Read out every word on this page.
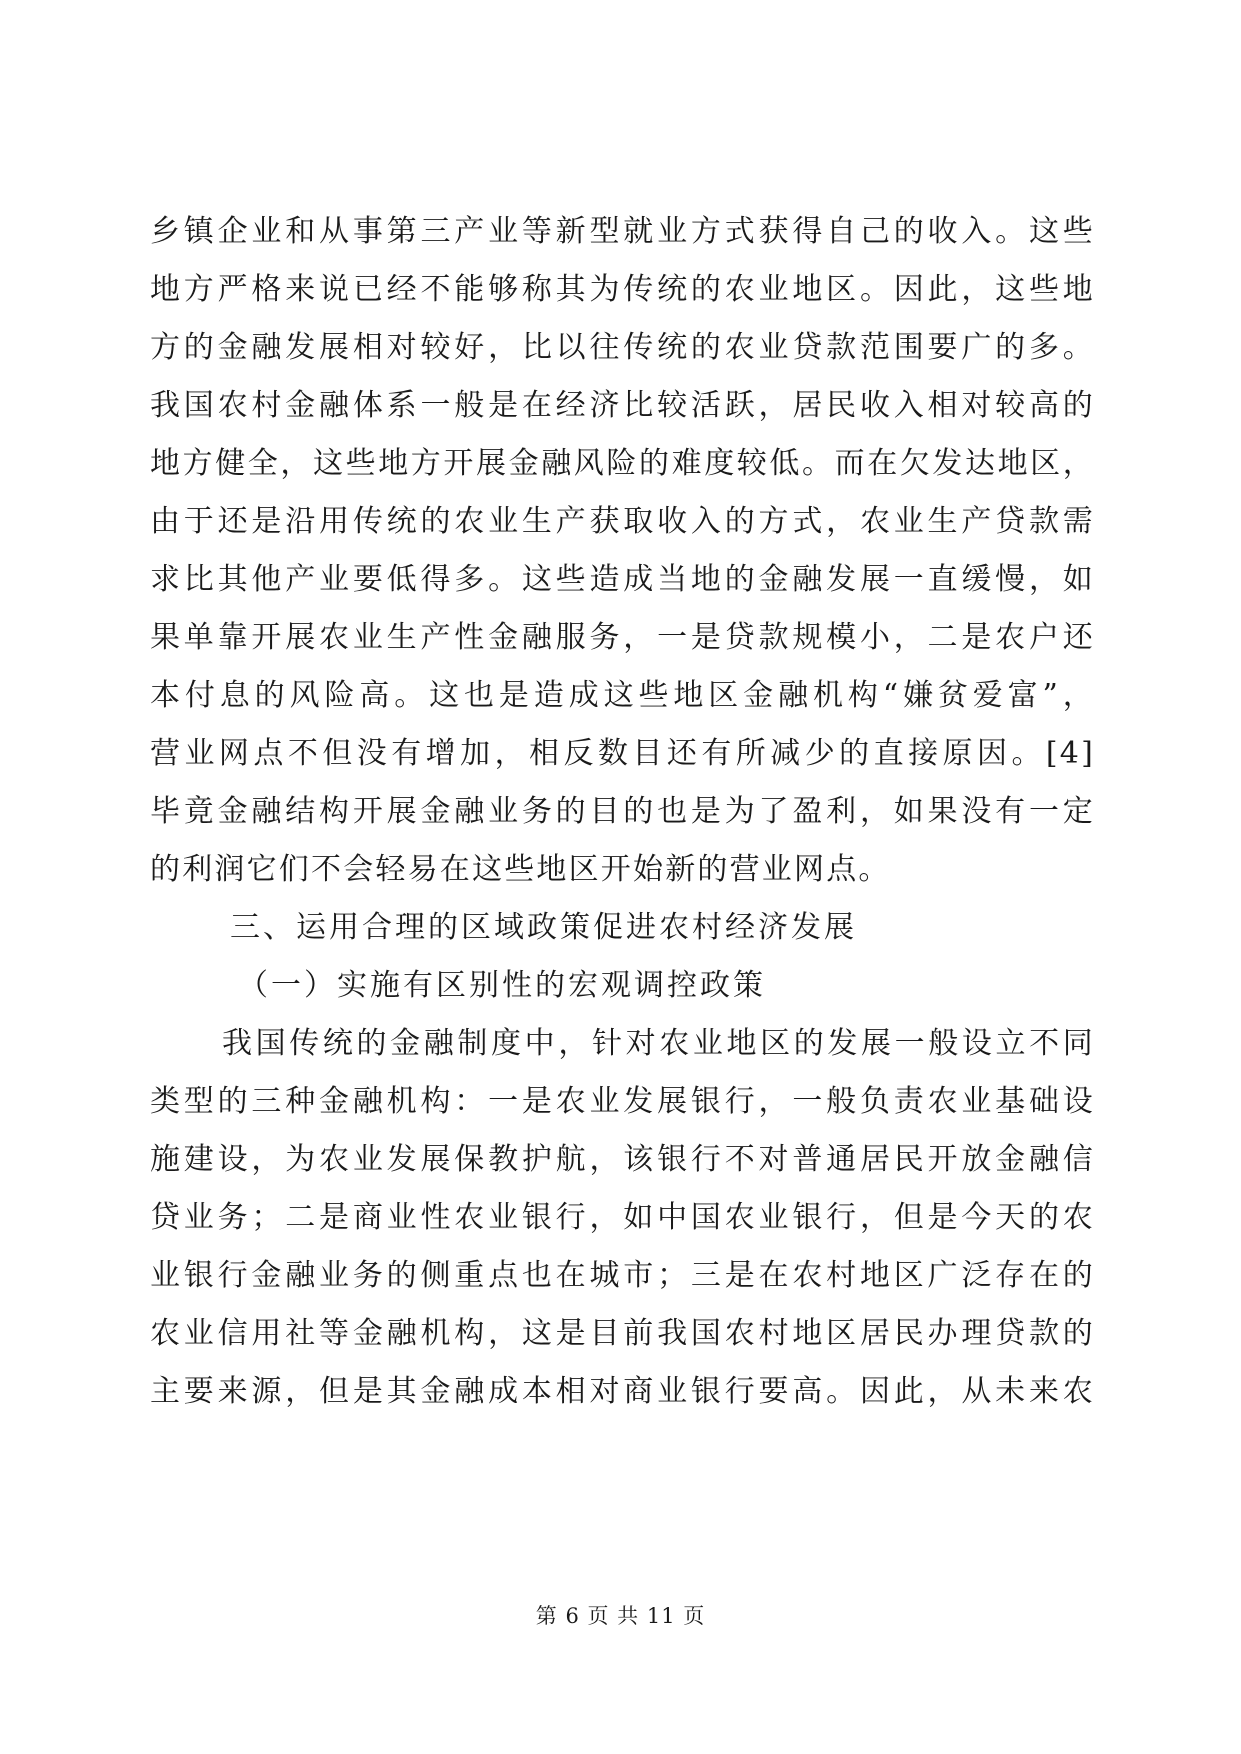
乡镇企业和从事第三产业等新型就业方式获得自己的收入。这些
地方严格来说已经不能够称其为传统的农业地区。因此，这些地
方的金融发展相对较好，比以往传统的农业贷款范围要广的多。
我国农村金融体系一般是在经济比较活跃，居民收入相对较高的
地方健全，这些地方开展金融风险的难度较低。而在欠发达地区，
由于还是沿用传统的农业生产获取收入的方式，农业生产贷款需
求比其他产业要低得多。这些造成当地的金融发展一直缓慢，如
果单靠开展农业生产性金融服务，一是贷款规模小，二是农户还
本付息的风险高。这也是造成这些地区金融机构“嫌贫爱富”，
营业网点不但没有增加，相反数目还有所减少的直接原因。[4]
毕竟金融结构开展金融业务的目的也是为了盈利，如果没有一定
的利润它们不会轻易在这些地区开始新的营业网点。
三、运用合理的区域政策促进农村经济发展
（一）实施有区别性的宏观调控政策
我国传统的金融制度中，针对农业地区的发展一般设立不同
类型的三种金融机构：一是农业发展银行，一般负责农业基础设
施建设，为农业发展保教护航，该银行不对普通居民开放金融信
贷业务；二是商业性农业银行，如中国农业银行，但是今天的农
业银行金融业务的侧重点也在城市；三是在农村地区广泛存在的
农业信用社等金融机构，这是目前我国农村地区居民办理贷款的
主要来源，但是其金融成本相对商业银行要高。因此，从未来农
第 6 页 共 11 页
